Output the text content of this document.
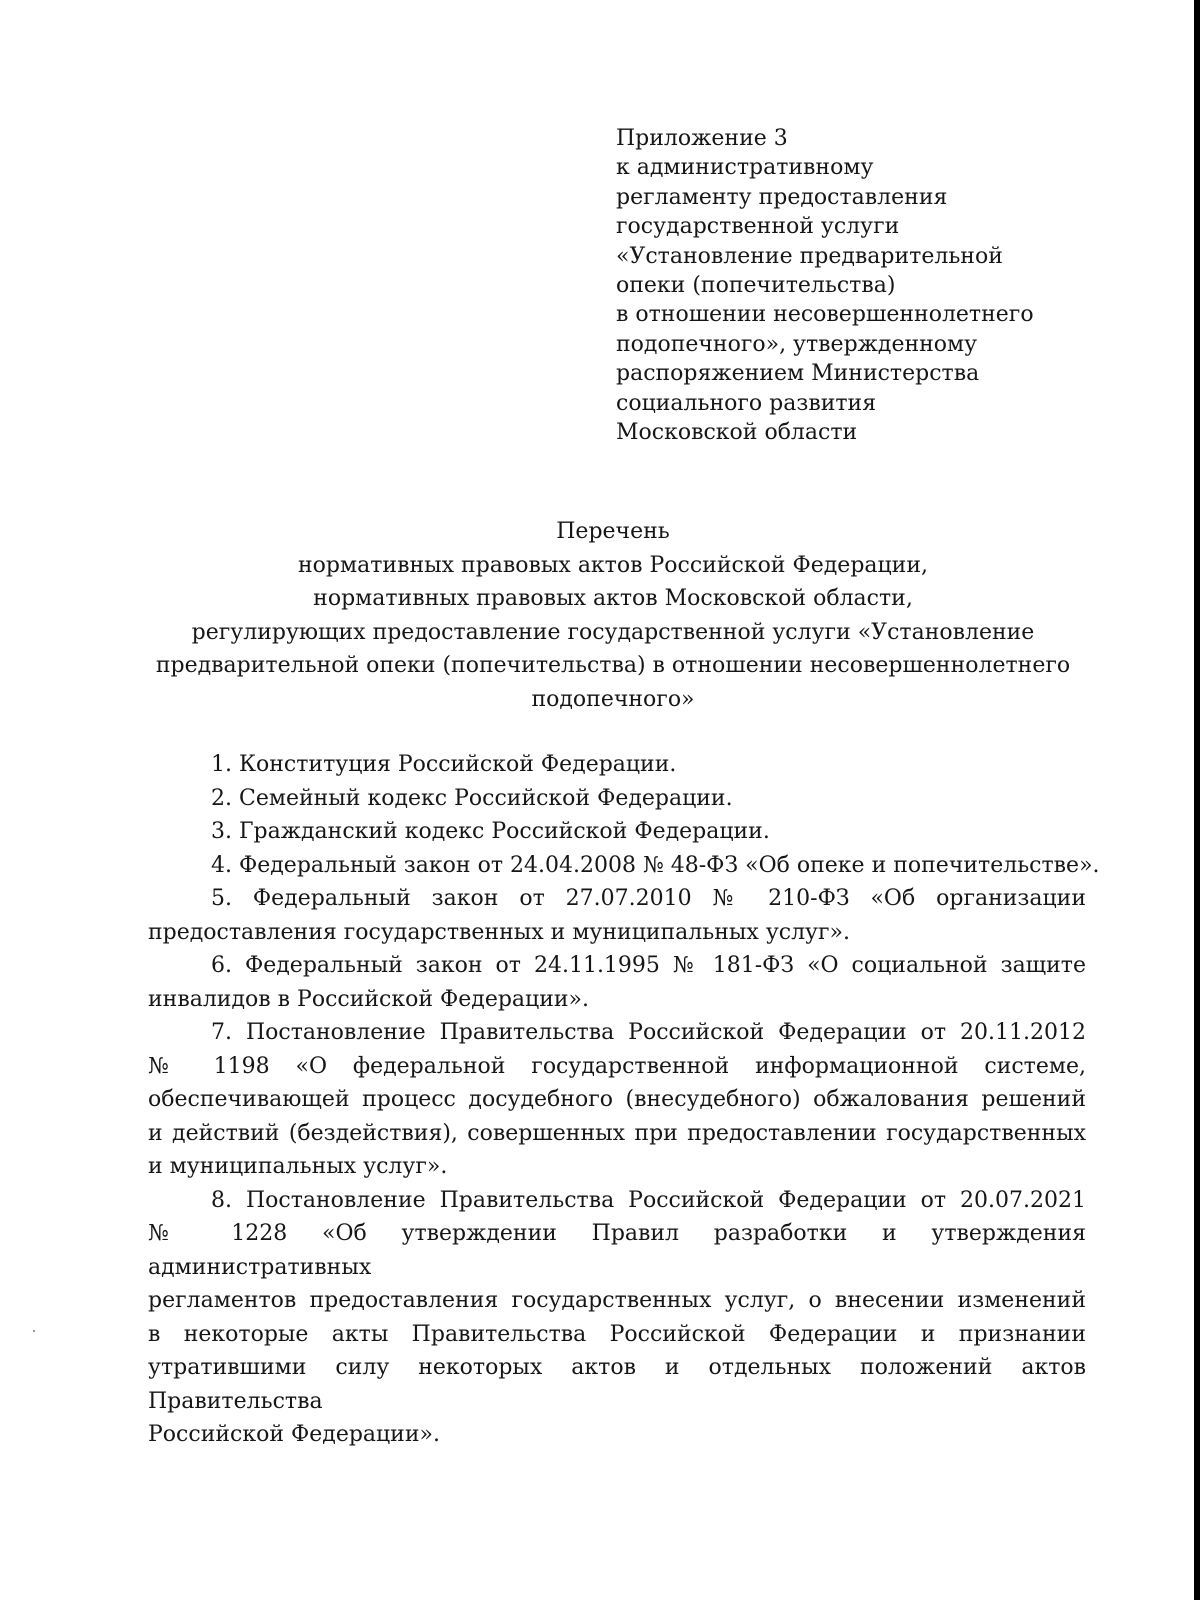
Приложение 3
к административному
регламенту предоставления
государственной услуги
«Установление предварительной
опеки (попечительства)
в отношении несовершеннолетнего
подопечного», утвержденному
распоряжением Министерства
социального развития
Московской области
Перечень
нормативных правовых актов Российской Федерации,
нормативных правовых актов Московской области,
регулирующих предоставление государственной услуги «Установление
предварительной опеки (попечительства) в отношении несовершеннолетнего
подопечного»

1. Конституция Российской Федерации.

2. Семейный кодекс Российской Федерации.

3. Гражданский кодекс Российской Федерации.

4. Федеральный закон от 24.04.2008 № 48-ФЗ «Об опеке и попечительстве».

5. Федеральный закон от 27.07.2010 № 210-ФЗ «Об организации
предоставления государственных и муниципальных услуг».

6. Федеральный закон от 24.11.1995 № 181-ФЗ «О социальной защите
инвалидов в Российской Федерации».

7. Постановление Правительства Российской Федерации от 20.11.2012
№ 1198 «О федеральной государственной информационной системе,
обеспечивающей процесс досудебного (внесудебного) обжалования решений
и действий (бездействия), совершенных при предоставлении государственных
и муниципальных услуг».

8. Постановление Правительства Российской Федерации от 20.07.2021
№ 1228 «Об утверждении Правил разработки и утверждения административных
регламентов предоставления государственных услуг, о внесении изменений
в некоторые акты Правительства Российской Федерации и признании
утратившими силу некоторых актов и отдельных положений актов Правительства
Российской Федерации».
